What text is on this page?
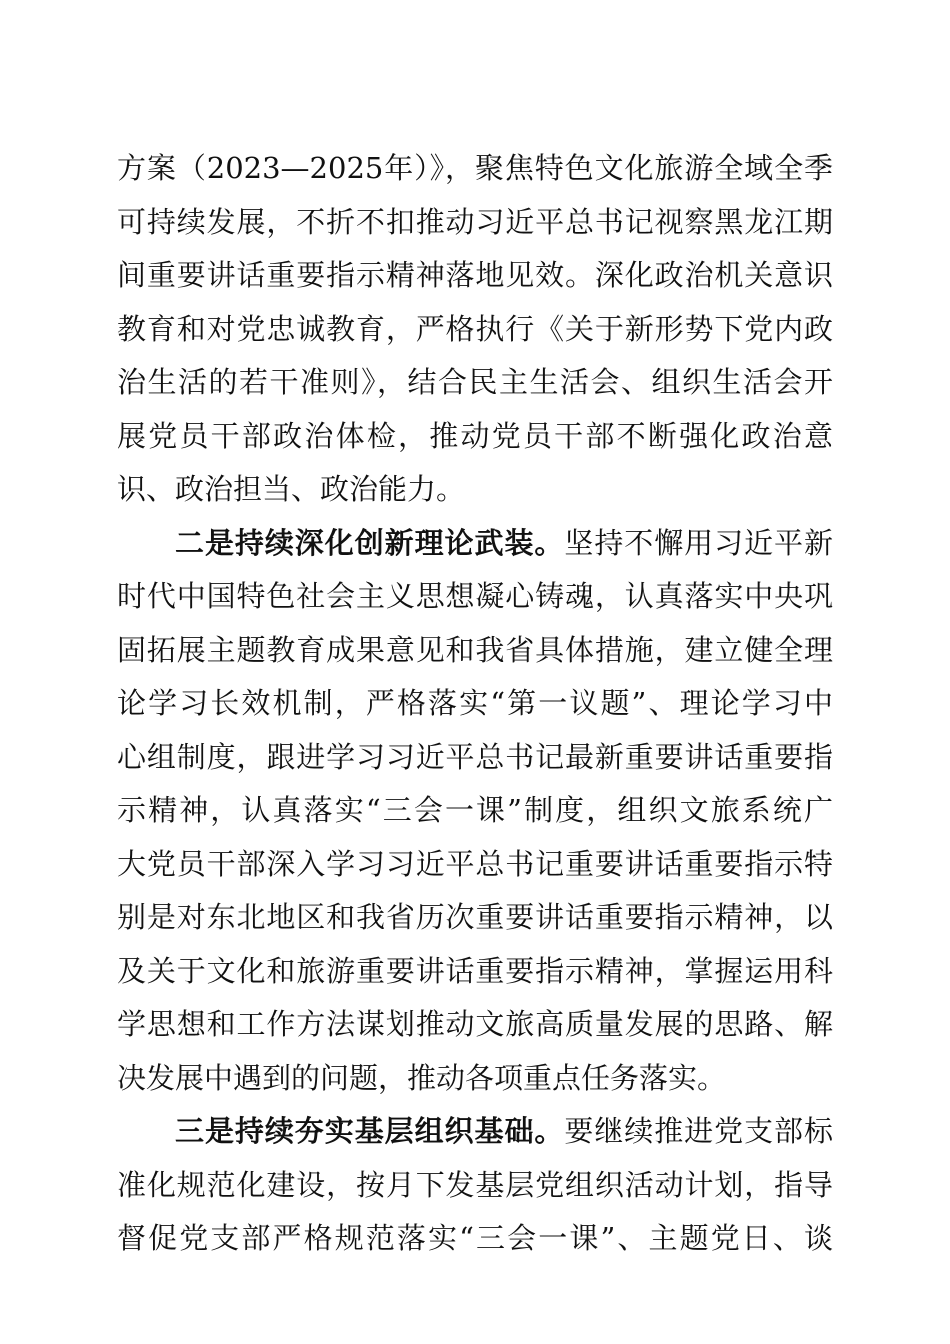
方案（2023—2025年）》，聚焦特色文化旅游全域全季
可持续发展，不折不扣推动习近平总书记视察黑龙江期
间重要讲话重要指示精神落地见效。深化政治机关意识
教育和对党忠诚教育，严格执行《关于新形势下党内政
治生活的若干准则》，结合民主生活会、组织生活会开
展党员干部政治体检，推动党员干部不断强化政治意
识、政治担当、政治能力。
二是持续深化创新理论武装。坚持不懈用习近平新
时代中国特色社会主义思想凝心铸魂，认真落实中央巩
固拓展主题教育成果意见和我省具体措施，建立健全理
论学习长效机制，严格落实“第一议题”、理论学习中
心组制度，跟进学习习近平总书记最新重要讲话重要指
示精神，认真落实“三会一课”制度，组织文旅系统广
大党员干部深入学习习近平总书记重要讲话重要指示特
别是对东北地区和我省历次重要讲话重要指示精神，以
及关于文化和旅游重要讲话重要指示精神，掌握运用科
学思想和工作方法谋划推动文旅高质量发展的思路、解
决发展中遇到的问题，推动各项重点任务落实。
三是持续夯实基层组织基础。要继续推进党支部标
准化规范化建设，按月下发基层党组织活动计划，指导
督促党支部严格规范落实“三会一课”、主题党日、谈
